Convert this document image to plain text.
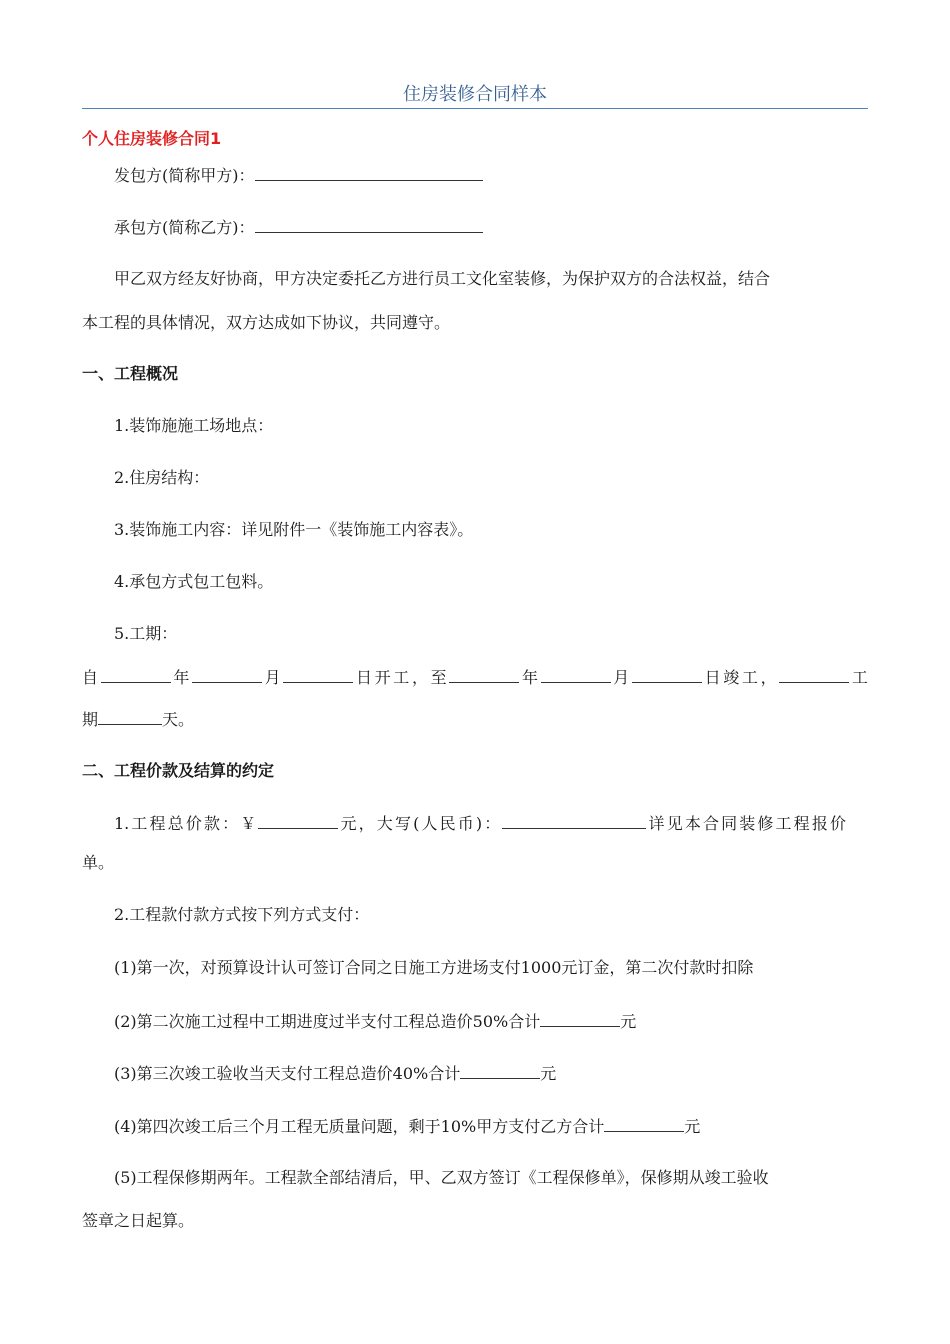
住房装修合同样本
个人住房装修合同1
发包方(简称甲方)：
承包方(简称乙方)：
甲乙双方经友好协商，甲方决定委托乙方进行员工文化室装修，为保护双方的合法权益，结合
本工程的具体情况，双方达成如下协议，共同遵守。
一、工程概况
1.装饰施施工场地点：
2.住房结构：
3.装饰施工内容：详见附件一《装饰施工内容表》。
4.承包方式包工包料。
5.工期：
自	年	月	日开工，至	年	月	日竣工，	工
期	天。
二、工程价款及结算的约定
1.工程总价款：￥	元，大写(人民币)：	详见本合同装修工程报价
单。
2.工程款付款方式按下列方式支付：
(1)第一次，对预算设计认可签订合同之日施工方进场支付1000元订金，第二次付款时扣除
(2)第二次施工过程中工期进度过半支付工程总造价50%合计	元
(3)第三次竣工验收当天支付工程总造价40%合计	元
(4)第四次竣工后三个月工程无质量问题，剩于10%甲方支付乙方合计	元
(5)工程保修期两年。工程款全部结清后，甲、乙双方签订《工程保修单》，保修期从竣工验收
签章之日起算。
